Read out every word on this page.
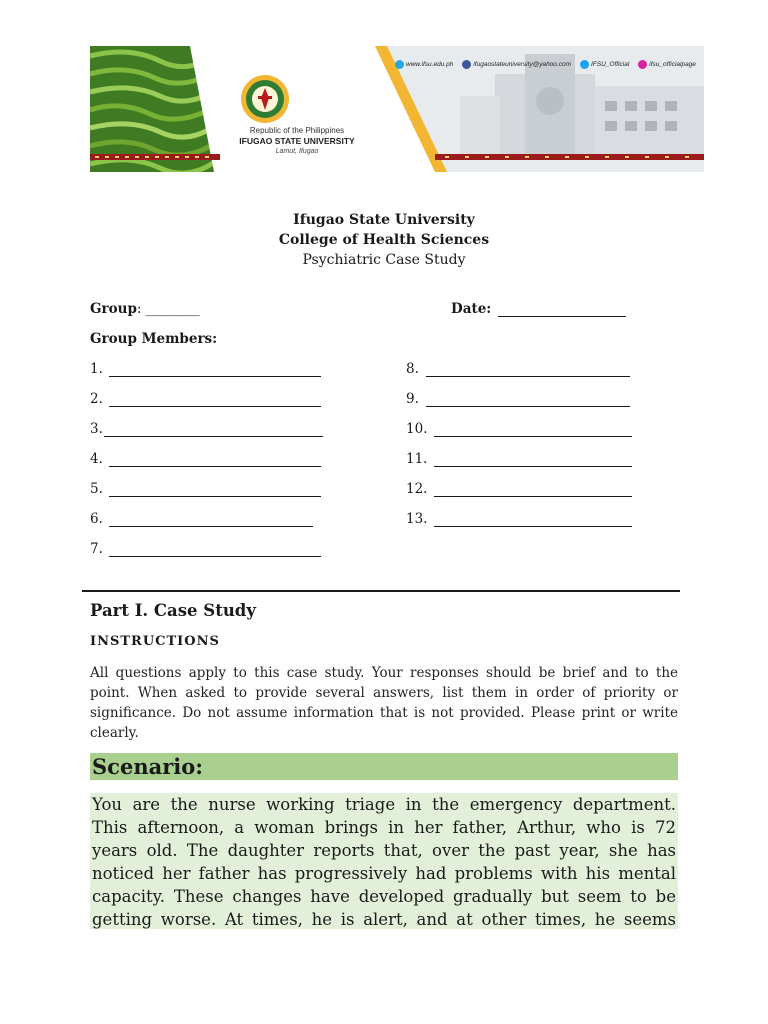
Republic of the Philippines
IFUGAO STATE UNIVERSITY
Lamut, Ifugao
www.ifsu.edu.ph	ifugaostateuniversity@yahoo.com	IFSU_Official	ifsu_officialpage
Ifugao State University
College of Health Sciences
Psychiatric Case Study
Group: ________	Date:
Group Members:
1.
2.
3.
4.
5.
6.
7.
8.
9.
10.
11.
12.
13.
Part I. Case Study
INSTRUCTIONS
All questions apply to this case study. Your responses should be brief and to the point. When asked to provide several answers, list them in order of priority or significance. Do not assume information that is not provided. Please print or write clearly.
Scenario:

You are the nurse working triage in the emergency department.

This afternoon, a woman brings in her father, Arthur, who is 72

years old. The daughter reports that, over the past year, she has

noticed her father has progressively had problems with his mental

capacity. These changes have developed gradually but seem to be

getting worse. At times, he is alert, and at other times, he seems
